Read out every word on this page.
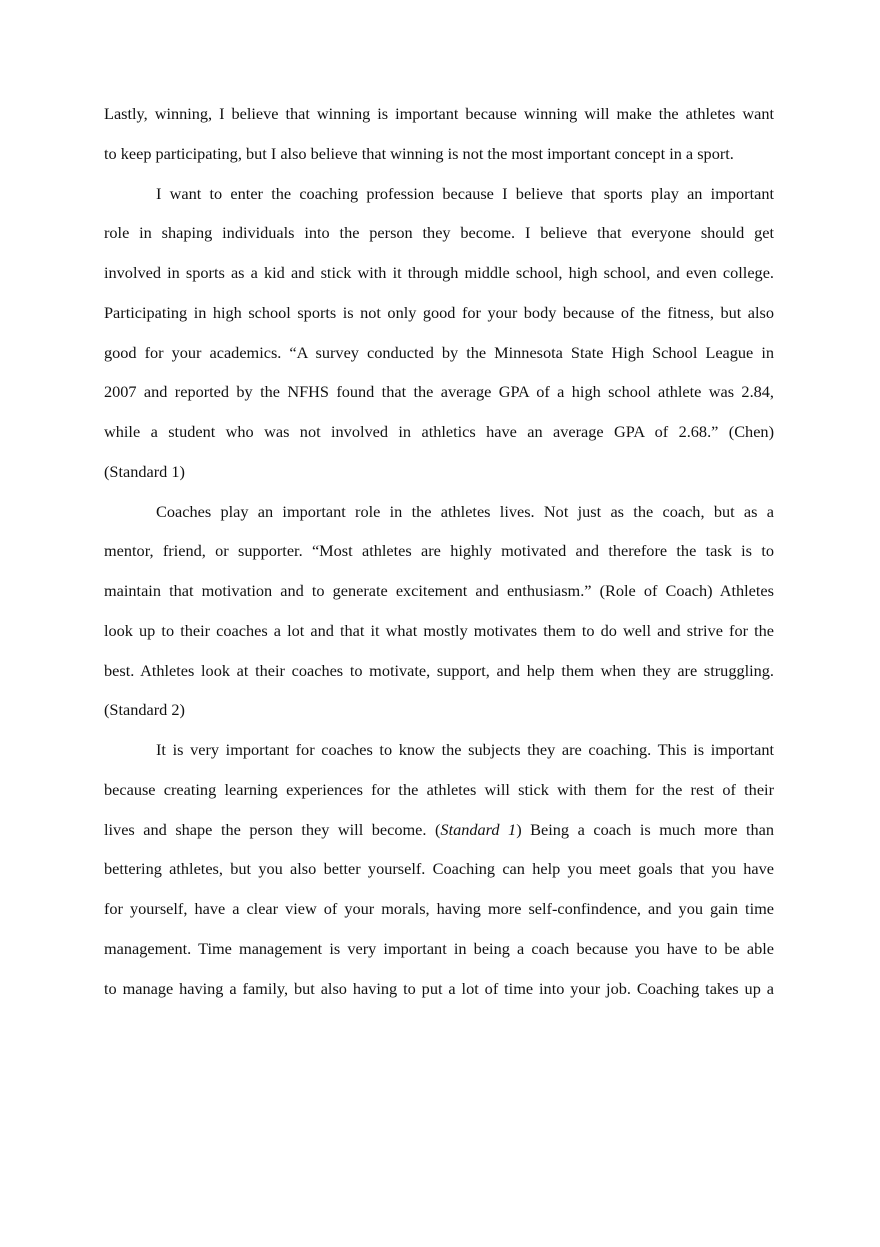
Lastly, winning, I believe that winning is important because winning will make the athletes want
to keep participating, but I also believe that winning is not the most important concept in a sport.
I want to enter the coaching profession because I believe that sports play an important
role in shaping individuals into the person they become. I believe that everyone should get
involved in sports as a kid and stick with it through middle school, high school, and even college.
Participating in high school sports is not only good for your body because of the fitness, but also
good for your academics. “A survey conducted by the Minnesota State High School League in
2007 and reported by the NFHS found that the average GPA of a high school athlete was 2.84,
while a student who was not involved in athletics have an average GPA of 2.68.” (Chen)
(Standard 1)
Coaches play an important role in the athletes lives. Not just as the coach, but as a
mentor, friend, or supporter. “Most athletes are highly motivated and therefore the task is to
maintain that motivation and to generate excitement and enthusiasm.” (Role of Coach) Athletes
look up to their coaches a lot and that it what mostly motivates them to do well and strive for the
best. Athletes look at their coaches to motivate, support, and help them when they are struggling.
(Standard 2)
It is very important for coaches to know the subjects they are coaching. This is important
because creating learning experiences for the athletes will stick with them for the rest of their
lives and shape the person they will become. (Standard 1) Being a coach is much more than
bettering athletes, but you also better yourself. Coaching can help you meet goals that you have
for yourself, have a clear view of your morals, having more self-confindence, and you gain time
management. Time management is very important in being a coach because you have to be able
to manage having a family, but also having to put a lot of time into your job. Coaching takes up a
